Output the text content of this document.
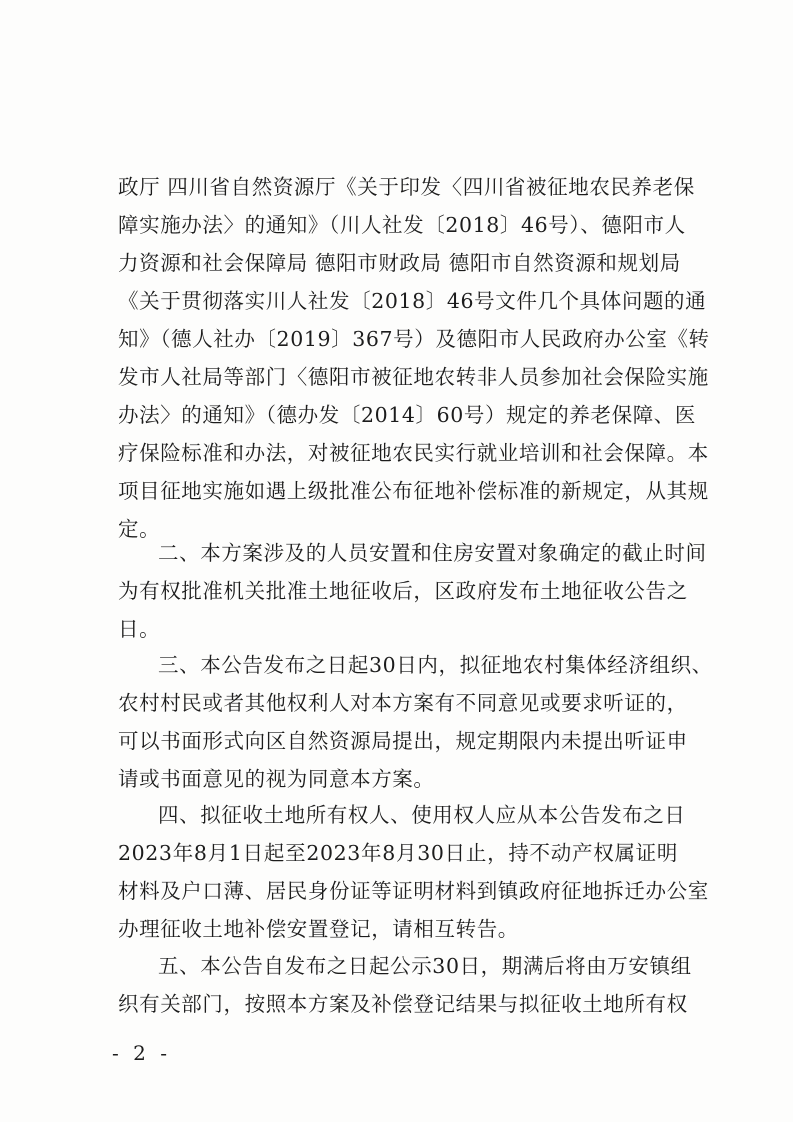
政厅 四川省自然资源厅《关于印发〈四川省被征地农民养老保
障实施办法〉的通知》（川人社发〔2018〕46号）、德阳市人
力资源和社会保障局 德阳市财政局 德阳市自然资源和规划局
《关于贯彻落实川人社发〔2018〕46号文件几个具体问题的通
知》（德人社办〔2019〕367号）及德阳市人民政府办公室《转
发市人社局等部门〈德阳市被征地农转非人员参加社会保险实施
办法〉的通知》（德办发〔2014〕60号）规定的养老保障、医
疗保险标准和办法，对被征地农民实行就业培训和社会保障。本
项目征地实施如遇上级批准公布征地补偿标准的新规定，从其规
定。
二、本方案涉及的人员安置和住房安置对象确定的截止时间
为有权批准机关批准土地征收后，区政府发布土地征收公告之
日。
三、本公告发布之日起30日内，拟征地农村集体经济组织、
农村村民或者其他权利人对本方案有不同意见或要求听证的，
可以书面形式向区自然资源局提出，规定期限内未提出听证申
请或书面意见的视为同意本方案。
四、拟征收土地所有权人、使用权人应从本公告发布之日
2023年8月1日起至2023年8月30日止，持不动产权属证明
材料及户口薄、居民身份证等证明材料到镇政府征地拆迁办公室
办理征收土地补偿安置登记，请相互转告。
五、本公告自发布之日起公示30日，期满后将由万安镇组
织有关部门，按照本方案及补偿登记结果与拟征收土地所有权
- 2 -
